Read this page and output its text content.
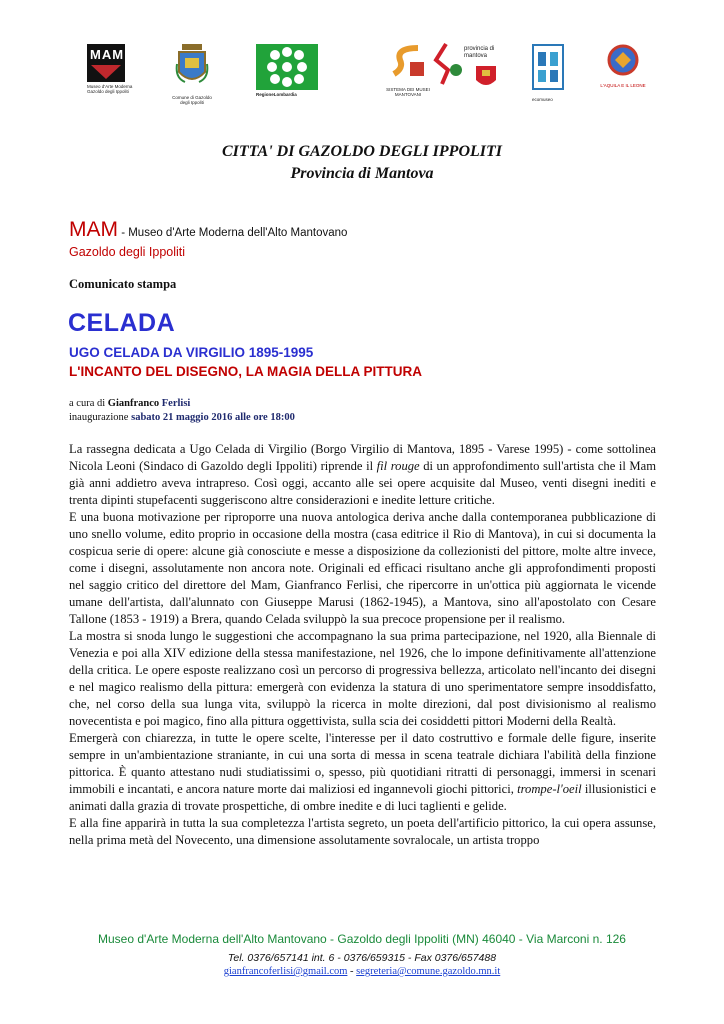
MAM
Museo d'Arte Moderna Gazoldo degli Ippoliti
Comune di Gazoldo degli Ippoliti
RegioneLombardia
SISTEMA DEI MUSEI MANTOVANI
provincia di mantova
ecomuseo
L'AQUILA E IL LEONE
CITTA' DI GAZOLDO DEGLI IPPOLITI
Provincia di Mantova
MAM - Museo d'Arte Moderna dell'Alto Mantovano
Gazoldo degli Ippoliti
Comunicato stampa
CELADA
UGO CELADA DA VIRGILIO 1895-1995
L'INCANTO DEL DISEGNO, LA MAGIA DELLA PITTURA
a cura di Gianfranco Ferlisi
inaugurazione sabato 21 maggio 2016 alle ore 18:00

La rassegna dedicata a Ugo Celada di Virgilio (Borgo Virgilio di Mantova, 1895 - Varese 1995) - come sottolinea Nicola Leoni (Sindaco di Gazoldo degli Ippoliti) riprende il fil rouge di un approfondimento sull'artista che il Mam già anni addietro aveva intrapreso. Così oggi, accanto alle sei opere acquisite dal Museo, venti disegni inediti e trenta dipinti stupefacenti suggeriscono altre considerazioni e inedite letture critiche.

E una buona motivazione per riproporre una nuova antologica deriva anche dalla contemporanea pubblicazione di uno snello volume, edito proprio in occasione della mostra (casa editrice il Rio di Mantova), in cui si documenta la cospicua serie di opere: alcune già conosciute e messe a disposizione da collezionisti del pittore, molte altre invece, come i disegni, assolutamente non ancora note. Originali ed efficaci risultano anche gli approfondimenti proposti nel saggio critico del direttore del Mam, Gianfranco Ferlisi, che ripercorre in un'ottica più aggiornata le vicende umane dell'artista, dall'alunnato con Giuseppe Marusi (1862-1945), a Mantova, sino all'apostolato con Cesare Tallone (1853 - 1919) a Brera, quando Celada sviluppò la sua precoce propensione per il realismo.

La mostra si snoda lungo le suggestioni che accompagnano la sua prima partecipazione, nel 1920, alla Biennale di Venezia e poi alla XIV edizione della stessa manifestazione, nel 1926, che lo impone definitivamente all'attenzione della critica. Le opere esposte realizzano così un percorso di progressiva bellezza, articolato nell'incanto dei disegni e nel magico realismo della pittura: emergerà con evidenza la statura di uno sperimentatore sempre insoddisfatto, che, nel corso della sua lunga vita, sviluppò la ricerca in molte direzioni, dal post divisionismo al realismo novecentista e poi magico, fino alla pittura oggettivista, sulla scia dei cosiddetti pittori Moderni della Realtà.

Emergerà con chiarezza, in tutte le opere scelte, l'interesse per il dato costruttivo e formale delle figure, inserite sempre in un'ambientazione straniante, in cui una sorta di messa in scena teatrale dichiara l'abilità della finzione pittorica. È quanto attestano nudi studiatissimi o, spesso, più quotidiani ritratti di personaggi, immersi in scenari immobili e incantati, e ancora nature morte dai maliziosi ed ingannevoli giochi pittorici, trompe-l'oeil illusionistici e animati dalla grazia di trovate prospettiche, di ombre inedite e di luci taglienti e gelide.

E alla fine apparirà in tutta la sua completezza l'artista segreto, un poeta dell'artificio pittorico, la cui opera assunse, nella prima metà del Novecento, una dimensione assolutamente sovralocale, un artista troppo

Museo d'Arte Moderna dell'Alto Mantovano - Gazoldo degli Ippoliti (MN) 46040 - Via Marconi n. 126
Tel. 0376/657141 int. 6 - 0376/659315 - Fax 0376/657488
gianfrancoferlisi@gmail.com - segreteria@comune.gazoldo.mn.it
